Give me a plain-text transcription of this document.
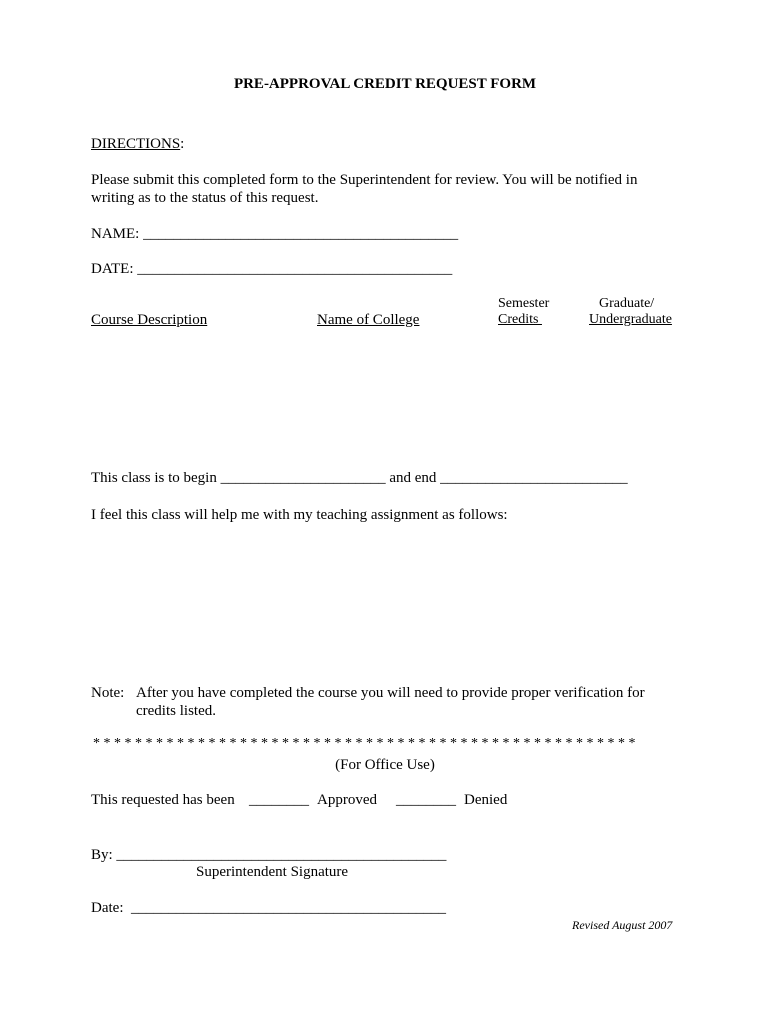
PRE-APPROVAL CREDIT REQUEST FORM
DIRECTIONS:
Please submit this completed form to the Superintendent for review. You will be notified in writing as to the status of this request.
NAME: __________________________________________
DATE: __________________________________________
Course Description	Name of College
Semester
Credits
Graduate/
Undergraduate
This class is to begin ______________________ and end _________________________
I feel this class will help me with my teaching assignment as follows:
Note: After you have completed the course you will need to provide proper verification for
credits listed.
* * * * * * * * * * * * * * * * * * * * * * * * * * * * * * * * * * * * * * * * * * * * * * * * * * * *
(For Office Use)
This requested has been ________ Approved ________ Denied
By: ____________________________________________
Superintendent Signature
Date: __________________________________________
Revised August 2007
